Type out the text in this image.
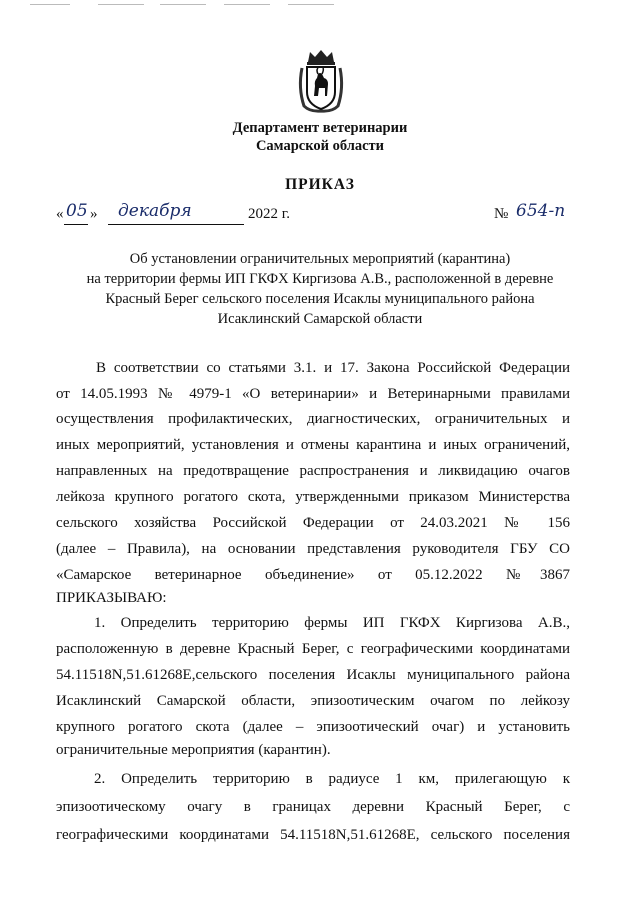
Департамент ветеринарии
Самарской области
ПРИКАЗ
« 05 » декабря	2022 г.	№ 654-п
Об установлении ограничительных мероприятий (карантина)
на территории фермы ИП ГКФХ Киргизова А.В., расположенной в деревне
Красный Берег сельского поселения Исаклы муниципального района
Исаклинский Самарской области
В соответствии со статьями 3.1. и 17. Закона Российской Федерации
от 14.05.1993 № 4979-1 «О ветеринарии» и Ветеринарными правилами
осуществления профилактических, диагностических, ограничительных и
иных мероприятий, установления и отмены карантина и иных ограничений,
направленных на предотвращение распространения и ликвидацию очагов
лейкоза крупного рогатого скота, утвержденными приказом Министерства
сельского хозяйства Российской Федерации от 24.03.2021 № 156
(далее – Правила), на основании представления руководителя ГБУ СО
«Самарское ветеринарное объединение» от 05.12.2022 №3867
ПРИКАЗЫВАЮ:
1. Определить территорию фермы ИП ГКФХ Киргизова А.В.,
расположенную в деревне Красный Берег, с географическими координатами
54.11518N,51.61268E,сельского поселения Исаклы муниципального района
Исаклинский Самарской области, эпизоотическим очагом по лейкозу
крупного рогатого скота (далее – эпизоотический очаг) и установить
ограничительные мероприятия (карантин).
2. Определить территорию в радиусе 1 км, прилегающую к
эпизоотическому очагу в границах деревни Красный Берег, с
географическими координатами 54.11518N,51.61268E, сельского поселения
